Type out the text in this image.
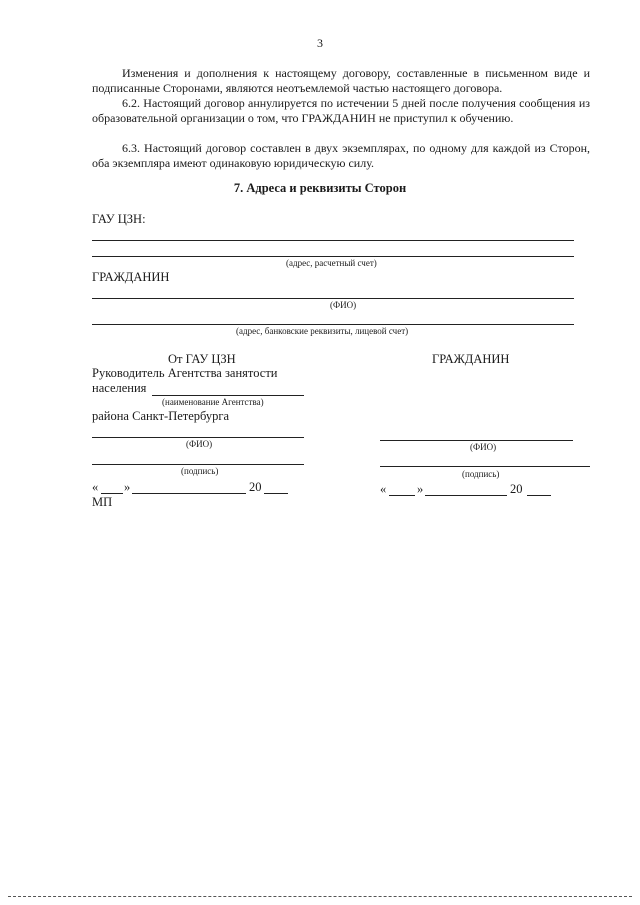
3
Изменения и дополнения к настоящему договору, составленные в письменном виде и подписанные Сторонами, являются неотъемлемой частью настоящего договора.
6.2. Настоящий договор аннулируется по истечении 5 дней после получения сообщения из образовательной организации о том, что ГРАЖДАНИН не приступил к обучению.
6.3. Настоящий договор составлен в двух экземплярах, по одному для каждой из Сторон, оба экземпляра имеют одинаковую юридическую силу.
7. Адреса и реквизиты Сторон
ГАУ ЦЗН:
(адрес, расчетный счет)
ГРАЖДАНИН
(ФИО)
(адрес, банковские реквизиты, лицевой счет)
От ГАУ ЦЗН
Руководитель Агентства занятости
населения
(наименование Агентства)
района Санкт-Петербурга
(ФИО)
(подпись)
« »	20
МП
ГРАЖДАНИН
(ФИО)
(подпись)
« »	20
